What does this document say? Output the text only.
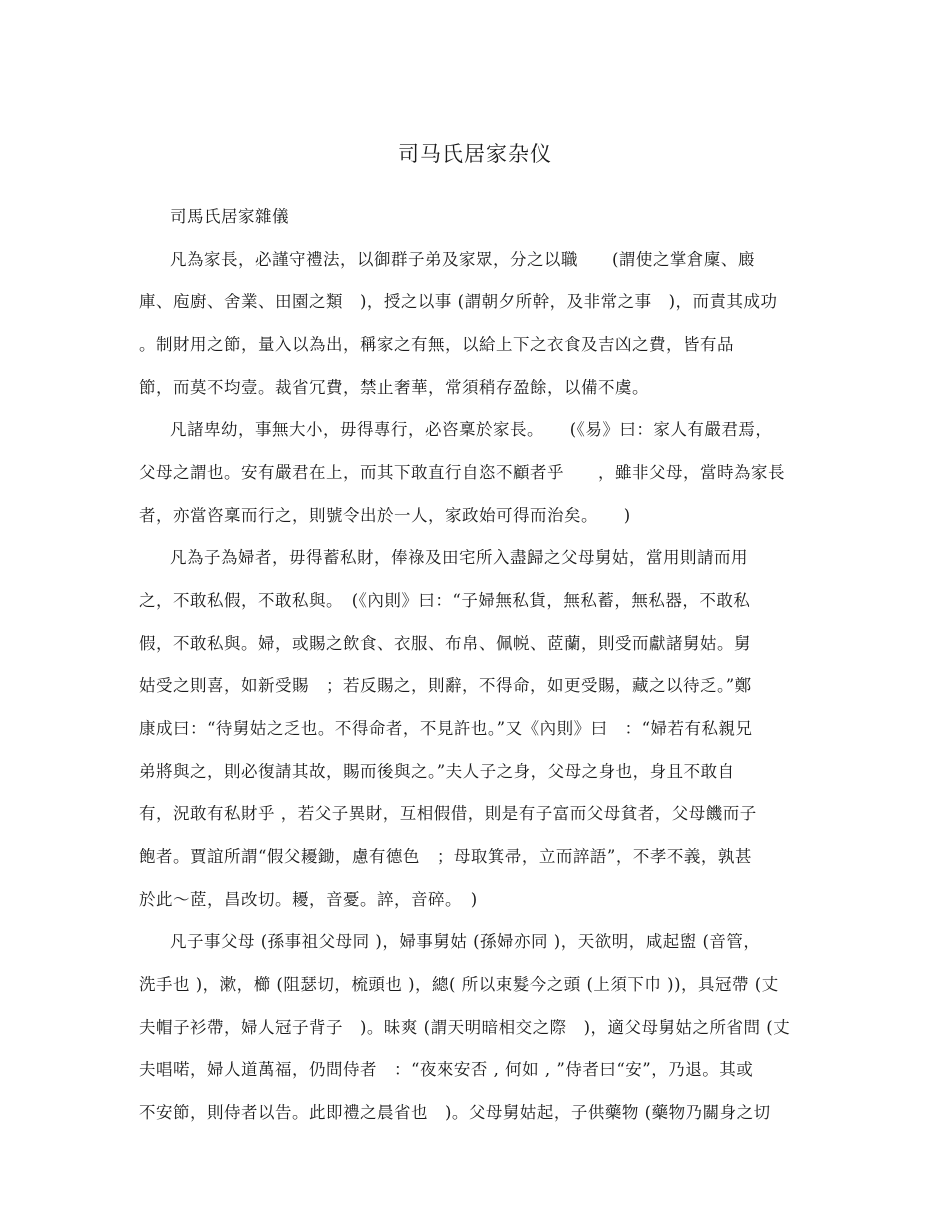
司马氏居家杂仪
司馬氏居家雜儀
凡為家長，必謹守禮法，以御群子弟及家眾，分之以職　　(謂使之掌倉廩、廄
庫、庖廚、舍業、田園之類　)，授之以事 (謂朝夕所幹，及非常之事　)，而責其成功
。制財用之節，量入以為出，稱家之有無，以給上下之衣食及吉凶之費，皆有品
節，而莫不均壹。裁省冗費，禁止奢華，常須稍存盈餘，以備不虞。
凡諸卑幼，事無大小，毋得專行，必咨稟於家長。　　(《易》曰：家人有嚴君焉，
父母之謂也。安有嚴君在上，而其下敢直行自恣不顧者乎　　，雖非父母，當時為家長
者，亦當咨稟而行之，則號令出於一人，家政始可得而治矣。　　)
凡為子為婦者，毋得蓄私財，俸祿及田宅所入盡歸之父母舅姑，當用則請而用
之，不敢私假，不敢私與。　(《內則》曰：“子婦無私貨，無私蓄，無私器，不敢私
假，不敢私與。婦，或賜之飲食、衣服、布帛、佩帨、茝蘭，則受而獻諸舅姑。舅
姑受之則喜，如新受賜　；若反賜之，則辭，不得命，如更受賜，藏之以待乏。”鄭
康成曰：“待舅姑之乏也。不得命者，不見許也。”又《內則》曰　：“婦若有私親兄
弟將與之，則必復請其故，賜而後與之。”夫人子之身，父母之身也，身且不敢自
有，況敢有私財乎 ，若父子異財，互相假借，則是有子富而父母貧者，父母饑而子
飽者。賈誼所謂“假父耰鋤，慮有德色　；母取箕帚，立而誶語”，不孝不義，孰甚
於此～茝，昌改切。耰，音憂。誶，音碎。　)
凡子事父母 (孫事祖父母同 )，婦事舅姑 (孫婦亦同 )，天欲明，咸起盥 (音管，
洗手也 )，漱，櫛 (阻瑟切，梳頭也 )，總( 所以束髮今之頭 (上須下巾 ))，具冠帶 (丈
夫帽子衫帶，婦人冠子背子　)。昧爽 (謂天明暗相交之際　)，適父母舅姑之所省問 (丈
夫唱喏，婦人道萬福，仍問侍者　：“夜來安否 , 何如 , ”侍者曰“安”，乃退。其或
不安節，則侍者以告。此即禮之晨省也　)。父母舅姑起，子供藥物 (藥物乃關身之切
